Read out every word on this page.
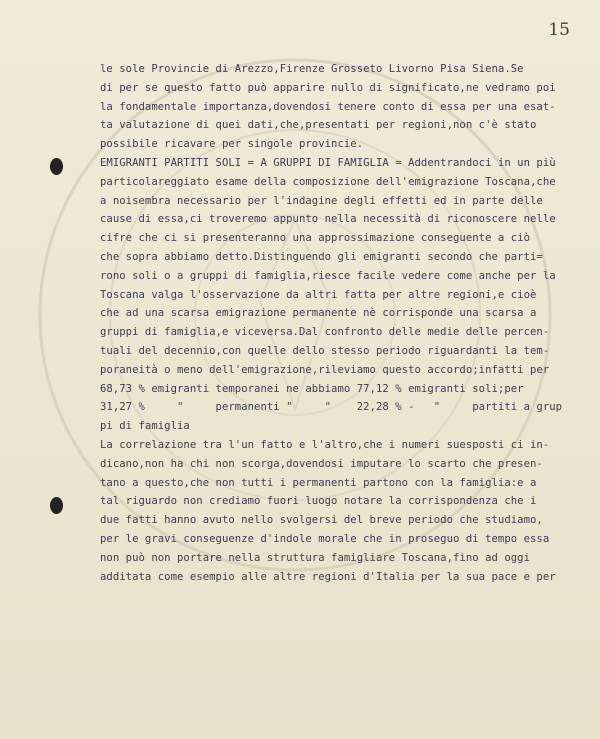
15
le sole Provincie di Arezzo,Firenze Grosseto Livorno Pisa Siena.Se
di per se questo fatto può apparire nullo di significato,ne vedramo poi
la fondamentale importanza,dovendosi tenere conto di essa per una esat-
ta valutazione di quei dati,che,presentati per regioni,non c'è stato
possibile ricavare per singole provincie.
EMIGRANTI PARTITI SOLI = A GRUPPI DI FAMIGLIA = Addentrandoci in un più
particolareggiato esame della composizione dell'emigrazione Toscana,che
a noisembra necessario per l'indagine degli effetti ed in parte delle
cause di essa,ci troveremo appunto nella necessità di riconoscere nelle
cifre che ci si presenteranno una approssimazione conseguente a ciò
che sopra abbiamo detto.Distinguendo gli emigranti secondo che parti=
rono soli o a gruppi di famiglia,riesce facile vedere come anche per la
Toscana valga l'osservazione da altri fatta per altre regioni,e cioè
che ad una scarsa emigrazione permanente nè corrisponde una scarsa a
gruppi di famiglia,e viceversa.Dal confronto delle medie delle percen-
tuali del decennio,con quelle dello stesso periodo riguardanti la tem-
poraneità o meno dell'emigrazione,rileviamo questo accordo;infatti per
68,73 % emigranti temporanei ne abbiamo 77,12 % emigranti soli;per
31,27 %     "     permanenti "     "    22,28 % -   "     partiti a grup
pi di famiglia
La correlazione tra l'un fatto e l'altro,che i numeri suesposti ci in-
dicano,non ha chi non scorga,dovendosi imputare lo scarto che presen-
tano a questo,che non tutti i permanenti partono con la famiglia:e a
tal riguardo non crediamo fuori luogo notare la corrispondenza che i
due fatti hanno avuto nello svolgersi del breve periodo che studiamo,
per le gravi conseguenze d'indole morale che in proseguo di tempo essa
non può non portare nella struttura famigliare Toscana,fino ad oggi
additata come esempio alle altre regioni d'Italia per la sua pace e per
